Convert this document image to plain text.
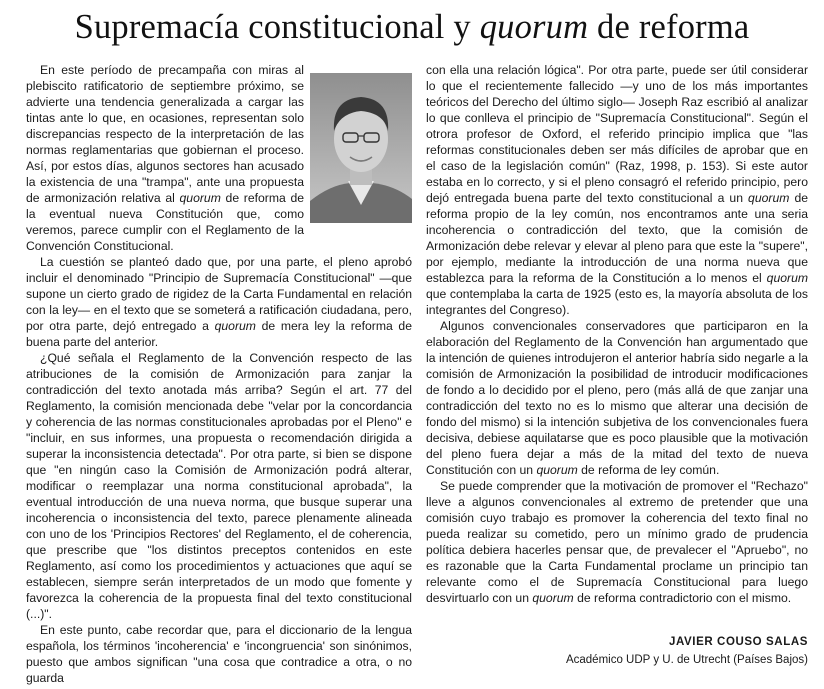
Supremacía constitucional y quorum de reforma

En este período de precampaña con miras al plebiscito ratificatorio de septiembre próximo, se advierte una tendencia generalizada a cargar las tintas ante lo que, en ocasiones, representan solo discrepancias respecto de la interpretación de las normas reglamentarias que gobiernan el proceso. Así, por estos días, algunos sectores han acusado la existencia de una "trampa", ante una propuesta de armonización relativa al quorum de reforma de la eventual nueva Constitución que, como veremos, parece cumplir con el Reglamento de la Convención Constitucional.

La cuestión se planteó dado que, por una parte, el pleno aprobó incluir el denominado "Principio de Supremacía Constitucional" —que supone un cierto grado de rigidez de la Carta Fundamental en relación con la ley— en el texto que se someterá a ratificación ciudadana, pero, por otra parte, dejó entregado a quorum de mera ley la reforma de buena parte del anterior.

¿Qué señala el Reglamento de la Convención respecto de las atribuciones de la comisión de Armonización para zanjar la contradicción del texto anotada más arriba? Según el art. 77 del Reglamento, la comisión mencionada debe "velar por la concordancia y coherencia de las normas constitucionales aprobadas por el Pleno" e "incluir, en sus informes, una propuesta o recomendación dirigida a superar la inconsistencia detectada". Por otra parte, si bien se dispone que "en ningún caso la Comisión de Armonización podrá alterar, modificar o reemplazar una norma constitucional aprobada", la eventual introducción de una nueva norma, que busque superar una incoherencia o inconsistencia del texto, parece plenamente alineada con uno de los 'Principios Rectores' del Reglamento, el de coherencia, que prescribe que "los distintos preceptos contenidos en este Reglamento, así como los procedimientos y actuaciones que aquí se establecen, siempre serán interpretados de un modo que fomente y favorezca la coherencia de la propuesta final del texto constitucional (...)".

En este punto, cabe recordar que, para el diccionario de la lengua española, los términos 'incoherencia' e 'incongruencia' son sinónimos, puesto que ambos significan "una cosa que contradice a otra, o no guarda

con ella una relación lógica". Por otra parte, puede ser útil considerar lo que el recientemente fallecido —y uno de los más importantes teóricos del Derecho del último siglo— Joseph Raz escribió al analizar lo que conlleva el principio de "Supremacía Constitucional". Según el otrora profesor de Oxford, el referido principio implica que "las reformas constitucionales deben ser más difíciles de aprobar que en el caso de la legislación común" (Raz, 1998, p. 153). Si este autor estaba en lo correcto, y si el pleno consagró el referido principio, pero dejó entregada buena parte del texto constitucional a un quorum de reforma propio de la ley común, nos encontramos ante una seria incoherencia o contradicción del texto, que la comisión de Armonización debe relevar y elevar al pleno para que este la "supere", por ejemplo, mediante la introducción de una norma nueva que establezca para la reforma de la Constitución a lo menos el quorum que contemplaba la carta de 1925 (esto es, la mayoría absoluta de los integrantes del Congreso).

Algunos convencionales conservadores que participaron en la elaboración del Reglamento de la Convención han argumentado que la intención de quienes introdujeron el anterior habría sido negarle a la comisión de Armonización la posibilidad de introducir modificaciones de fondo a lo decidido por el pleno, pero (más allá de que zanjar una contradicción del texto no es lo mismo que alterar una decisión de fondo del mismo) si la intención subjetiva de los convencionales fuera decisiva, debiese aquilatarse que es poco plausible que la motivación del pleno fuera dejar a más de la mitad del texto de nueva Constitución con un quorum de reforma de ley común.

Se puede comprender que la motivación de promover el "Rechazo" lleve a algunos convencionales al extremo de pretender que una comisión cuyo trabajo es promover la coherencia del texto final no pueda realizar su cometido, pero un mínimo grado de prudencia política debiera hacerles pensar que, de prevalecer el "Apruebo", no es razonable que la Carta Fundamental proclame un principio tan relevante como el de Supremacía Constitucional para luego desvirtuarlo con un quorum de reforma contradictorio con el mismo.

JAVIER COUSO SALAS
Académico UDP y U. de Utrecht (Países Bajos)
